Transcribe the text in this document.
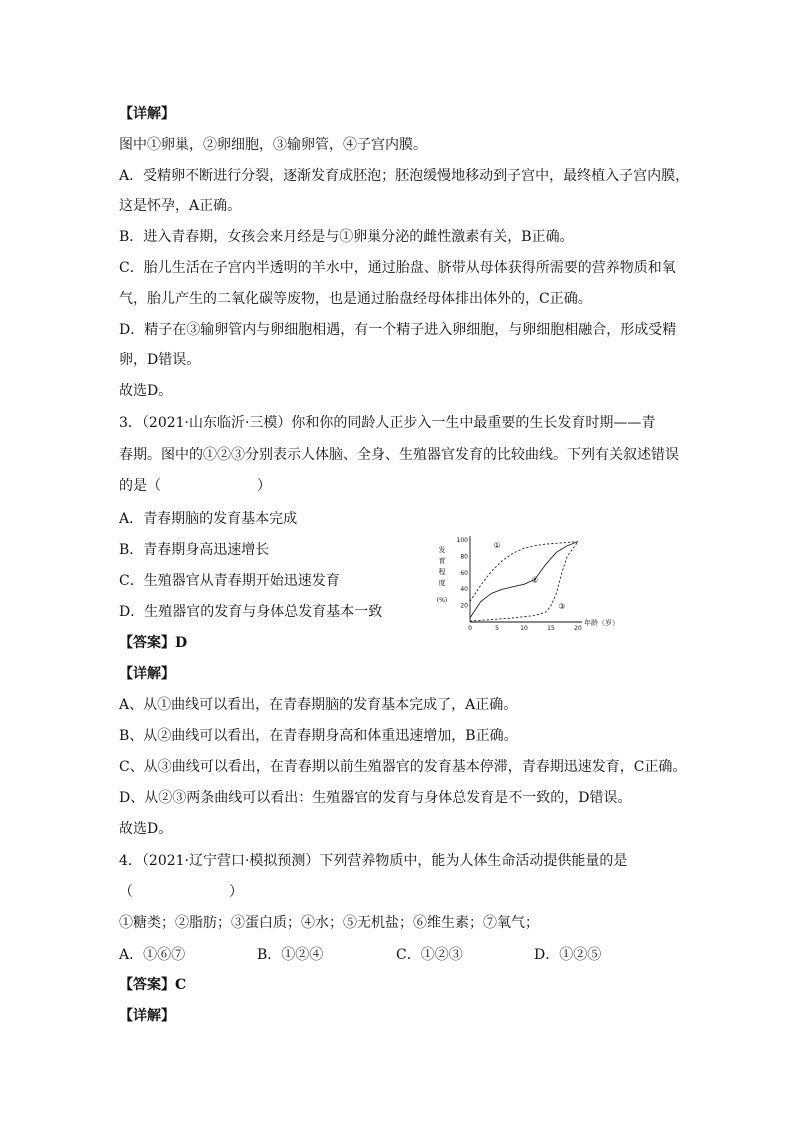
【详解】
图中①卵巢，②卵细胞，③输卵管，④子宫内膜。
A．受精卵不断进行分裂，逐渐发育成胚泡；胚泡缓慢地移动到子宫中，最终植入子宫内膜，
这是怀孕，A正确。
B．进入青春期，女孩会来月经是与①卵巢分泌的雌性激素有关，B正确。
C．胎儿生活在子宫内半透明的羊水中，通过胎盘、脐带从母体获得所需要的营养物质和氧
气，胎儿产生的二氧化碳等废物，也是通过胎盘经母体排出体外的，C正确。
D．精子在③输卵管内与卵细胞相遇，有一个精子进入卵细胞，与卵细胞相融合，形成受精
卵，D错误。
故选D。
3．（2021·山东临沂·三模）你和你的同龄人正步入一生中最重要的生长发育时期——青
春期。图中的①②③分别表示人体脑、全身、生殖器官发育的比较曲线。下列有关叙述错误
的是（	）
A．青春期脑的发育基本完成
B．青春期身高迅速增长
C．生殖器官从青春期开始迅速发育
D．生殖器官的发育与身体总发育基本一致
0	5	10	15	20
20
40
60
80
100
发
育
程
度
(%)
年龄（岁）
①
②
③
【答案】D
【详解】
A、从①曲线可以看出，在青春期脑的发育基本完成了，A正确。
B、从②曲线可以看出，在青春期身高和体重迅速增加，B正确。
C、从③曲线可以看出，在青春期以前生殖器官的发育基本停滞，青春期迅速发育，C正确。
D、从②③两条曲线可以看出：生殖器官的发育与身体总发育是不一致的，D错误。
故选D。
4．（2021·辽宁营口·模拟预测）下列营养物质中，能为人体生命活动提供能量的是
（	）
①糖类；②脂肪；③蛋白质；④水；⑤无机盐；⑥维生素；⑦氧气；
A．①⑥⑦	B．①②④	C．①②③	D．①②⑤
【答案】C
【详解】
